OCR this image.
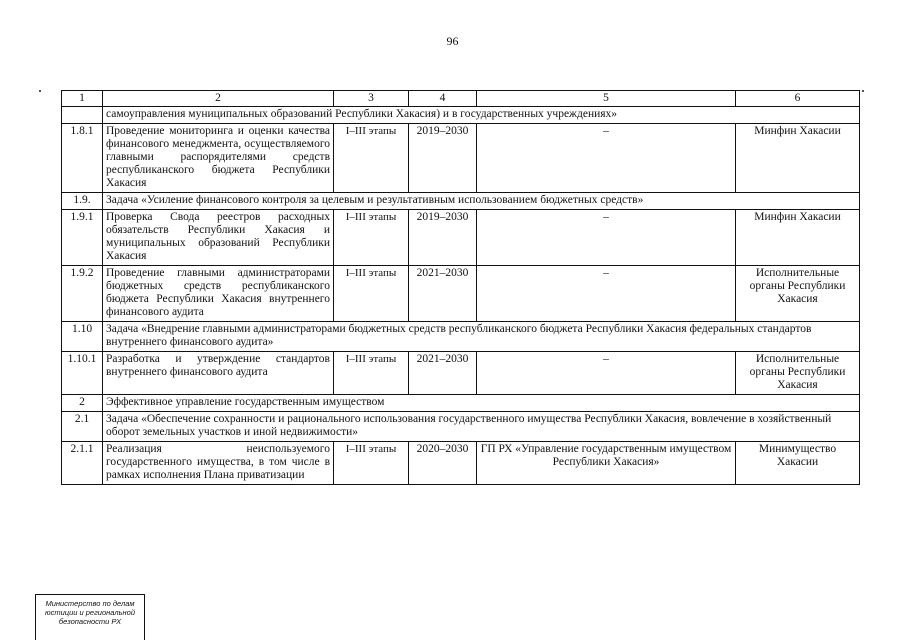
96
1	2	3	4	5	6
	самоуправления муниципальных образований Республики Хакасия) и в государственных учреждениях»				
1.8.1	Проведение мониторинга и оценки качества финансового менеджмента, осуществляемого главными распорядителями средств республиканского бюджета Республики Хакасия	I–III этапы	2019–2030	–	Минфин Хакасии
1.9.	Задача «Усиление финансового контроля за целевым и результативным использованием бюджетных средств»				
1.9.1	Проверка Свода реестров расходных обязательств Республики Хакасия и муниципальных образований Республики Хакасия	I–III этапы	2019–2030	–	Минфин Хакасии
1.9.2	Проведение главными администраторами бюджетных средств республиканского бюджета Республики Хакасия внутреннего финансового аудита	I–III этапы	2021–2030	–	Исполнительные органы Республики Хакасия
1.10	Задача «Внедрение главными администраторами бюджетных средств республиканского бюджета Республики Хакасия федеральных стандартов внутреннего финансового аудита»				
1.10.1	Разработка и утверждение стандартов внутреннего финансового аудита	I–III этапы	2021–2030	–	Исполнительные органы Республики Хакасия
2	Эффективное управление государственным имуществом				
2.1	Задача «Обеспечение сохранности и рационального использования государственного имущества Республики Хакасия, вовлечение в хозяйственный оборот земельных участков и иной недвижимости»				
2.1.1	Реализация неиспользуемого государственного имущества, в том числе в рамках исполнения Плана приватизации	I–III этапы	2020–2030	ГП РХ «Управление государственным имуществом Республики Хакасия»	Минимущество Хакасии
Министерство по делам
юстиции и региональной
безопасности РХ
